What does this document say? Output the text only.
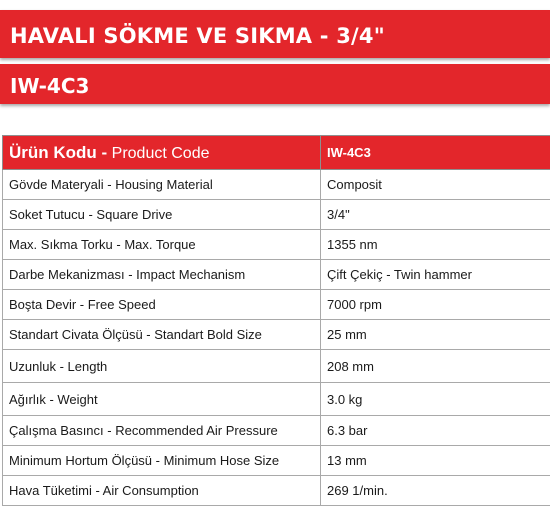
HAVALI SÖKME VE SIKMA - 3/4"
IW-4C3
Ürün Kodu - Product Code	IW-4C3
Gövde Materyali - Housing Material	Composit
Soket Tutucu - Square Drive	3/4"
Max. Sıkma Torku - Max. Torque	1355 nm
Darbe Mekanizması - Impact Mechanism	Çift Çekiç - Twin hammer
Boşta Devir - Free Speed	7000 rpm
Standart Civata Ölçüsü - Standart Bold Size	25 mm
Uzunluk - Length	208 mm
Ağırlık - Weight	3.0 kg
Çalışma Basıncı - Recommended Air Pressure	6.3 bar
Minimum Hortum Ölçüsü - Minimum Hose Size	13 mm
Hava Tüketimi - Air Consumption	269 1/min.
